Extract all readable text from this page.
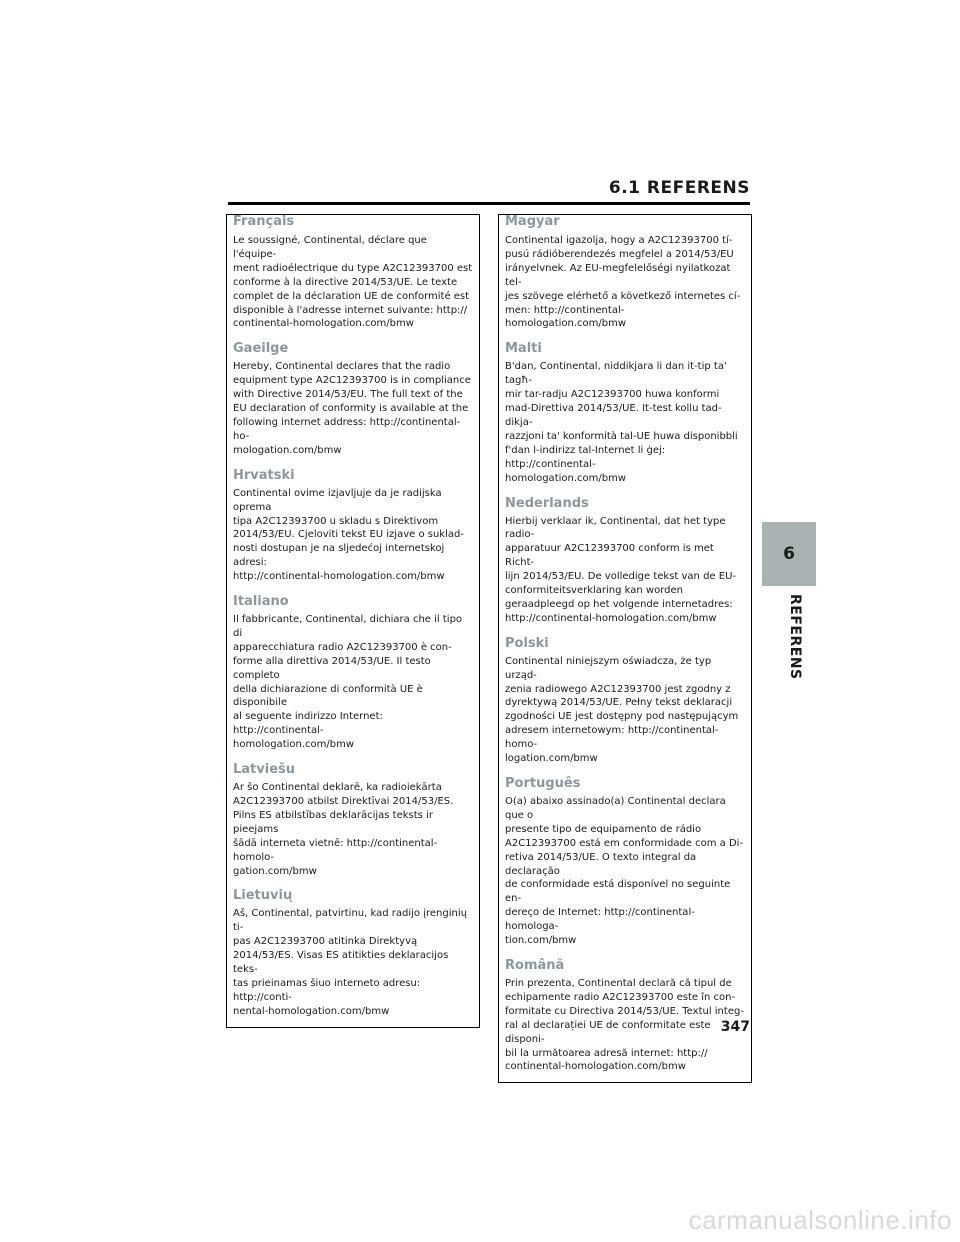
6.1 REFERENS
Français

Le soussigné, Continental, déclare que l'équipe-
ment radioélectrique du type A2C12393700 est
conforme à la directive 2014/53/UE. Le texte
complet de la déclaration UE de conformité est
disponible à l'adresse internet suivante: http://
continental-homologation.com/bmw

Gaeilge

Hereby, Continental declares that the radio
equipment type A2C12393700 is in compliance
with Directive 2014/53/EU. The full text of the
EU declaration of conformity is available at the
following internet address: http://continental-ho-
mologation.com/bmw

Hrvatski

Continental ovime izjavljuje da je radijska oprema
tipa A2C12393700 u skladu s Direktivom
2014/53/EU. Cjeloviti tekst EU izjave o suklad-
nosti dostupan je na sljedećoj internetskoj adresi:
http://continental-homologation.com/bmw

Italiano

Il fabbricante, Continental, dichiara che il tipo di
apparecchiatura radio A2C12393700 è con-
forme alla direttiva 2014/53/UE. Il testo completo
della dichiarazione di conformità UE è disponibile
al seguente indirizzo Internet: http://continental-
homologation.com/bmw

Latviešu

Ar šo Continental deklarē, ka radioiekārta
A2C12393700 atbilst Direktīvai 2014/53/ES.
Pilns ES atbilstības deklarācijas teksts ir pieejams
šādā interneta vietnē: http://continental-homolo-
gation.com/bmw

Lietuvių

Aš, Continental, patvirtinu, kad radijo įrenginių ti-
pas A2C12393700 atitinka Direktyvą
2014/53/ES. Visas ES atitikties deklaracijos teks-
tas prieinamas šiuo interneto adresu: http://conti-
nental-homologation.com/bmw

Magyar

Continental igazolja, hogy a A2C12393700 tí-
pusú rádióberendezés megfelel a 2014/53/EU
irányelvnek. Az EU-megfelelőségi nyilatkozat tel-
jes szövege elérhető a következő internetes cí-
men: http://continental-homologation.com/bmw

Malti

B'dan, Continental, niddikjara li dan it-tip ta' tagħ-
mir tar-radju A2C12393700 huwa konformi
mad-Direttiva 2014/53/UE. It-test kollu tad-dikja-
razzjoni ta' konformità tal-UE huwa disponibbli
f'dan l-indirizz tal-Internet li ġej: http://continental-
homologation.com/bmw

Nederlands

Hierbij verklaar ik, Continental, dat het type radio-
apparatuur A2C12393700 conform is met Richt-
lijn 2014/53/EU. De volledige tekst van de EU-
conformiteitsverklaring kan worden
geraadpleegd op het volgende internetadres:
http://continental-homologation.com/bmw

Polski

Continental niniejszym oświadcza, że typ urząd-
zenia radiowego A2C12393700 jest zgodny z
dyrektywą 2014/53/UE. Pełny tekst deklaracji
zgodności UE jest dostępny pod następującym
adresem internetowym: http://continental-homo-
logation.com/bmw

Português

O(a) abaixo assinado(a) Continental declara que o
presente tipo de equipamento de rádio
A2C12393700 está em conformidade com a Di-
retiva 2014/53/UE. O texto integral da declaração
de conformidade está disponível no seguinte en-
dereço de Internet: http://continental-homologa-
tion.com/bmw

Română

Prin prezenta, Continental declară că tipul de
echipamente radio A2C12393700 este în con-
formitate cu Directiva 2014/53/UE. Textul integ-
ral al declarației UE de conformitate este disponi-
bil la următoarea adresă internet: http://
continental-homologation.com/bmw

6
REFERENS
347
carmanualsonline.info
